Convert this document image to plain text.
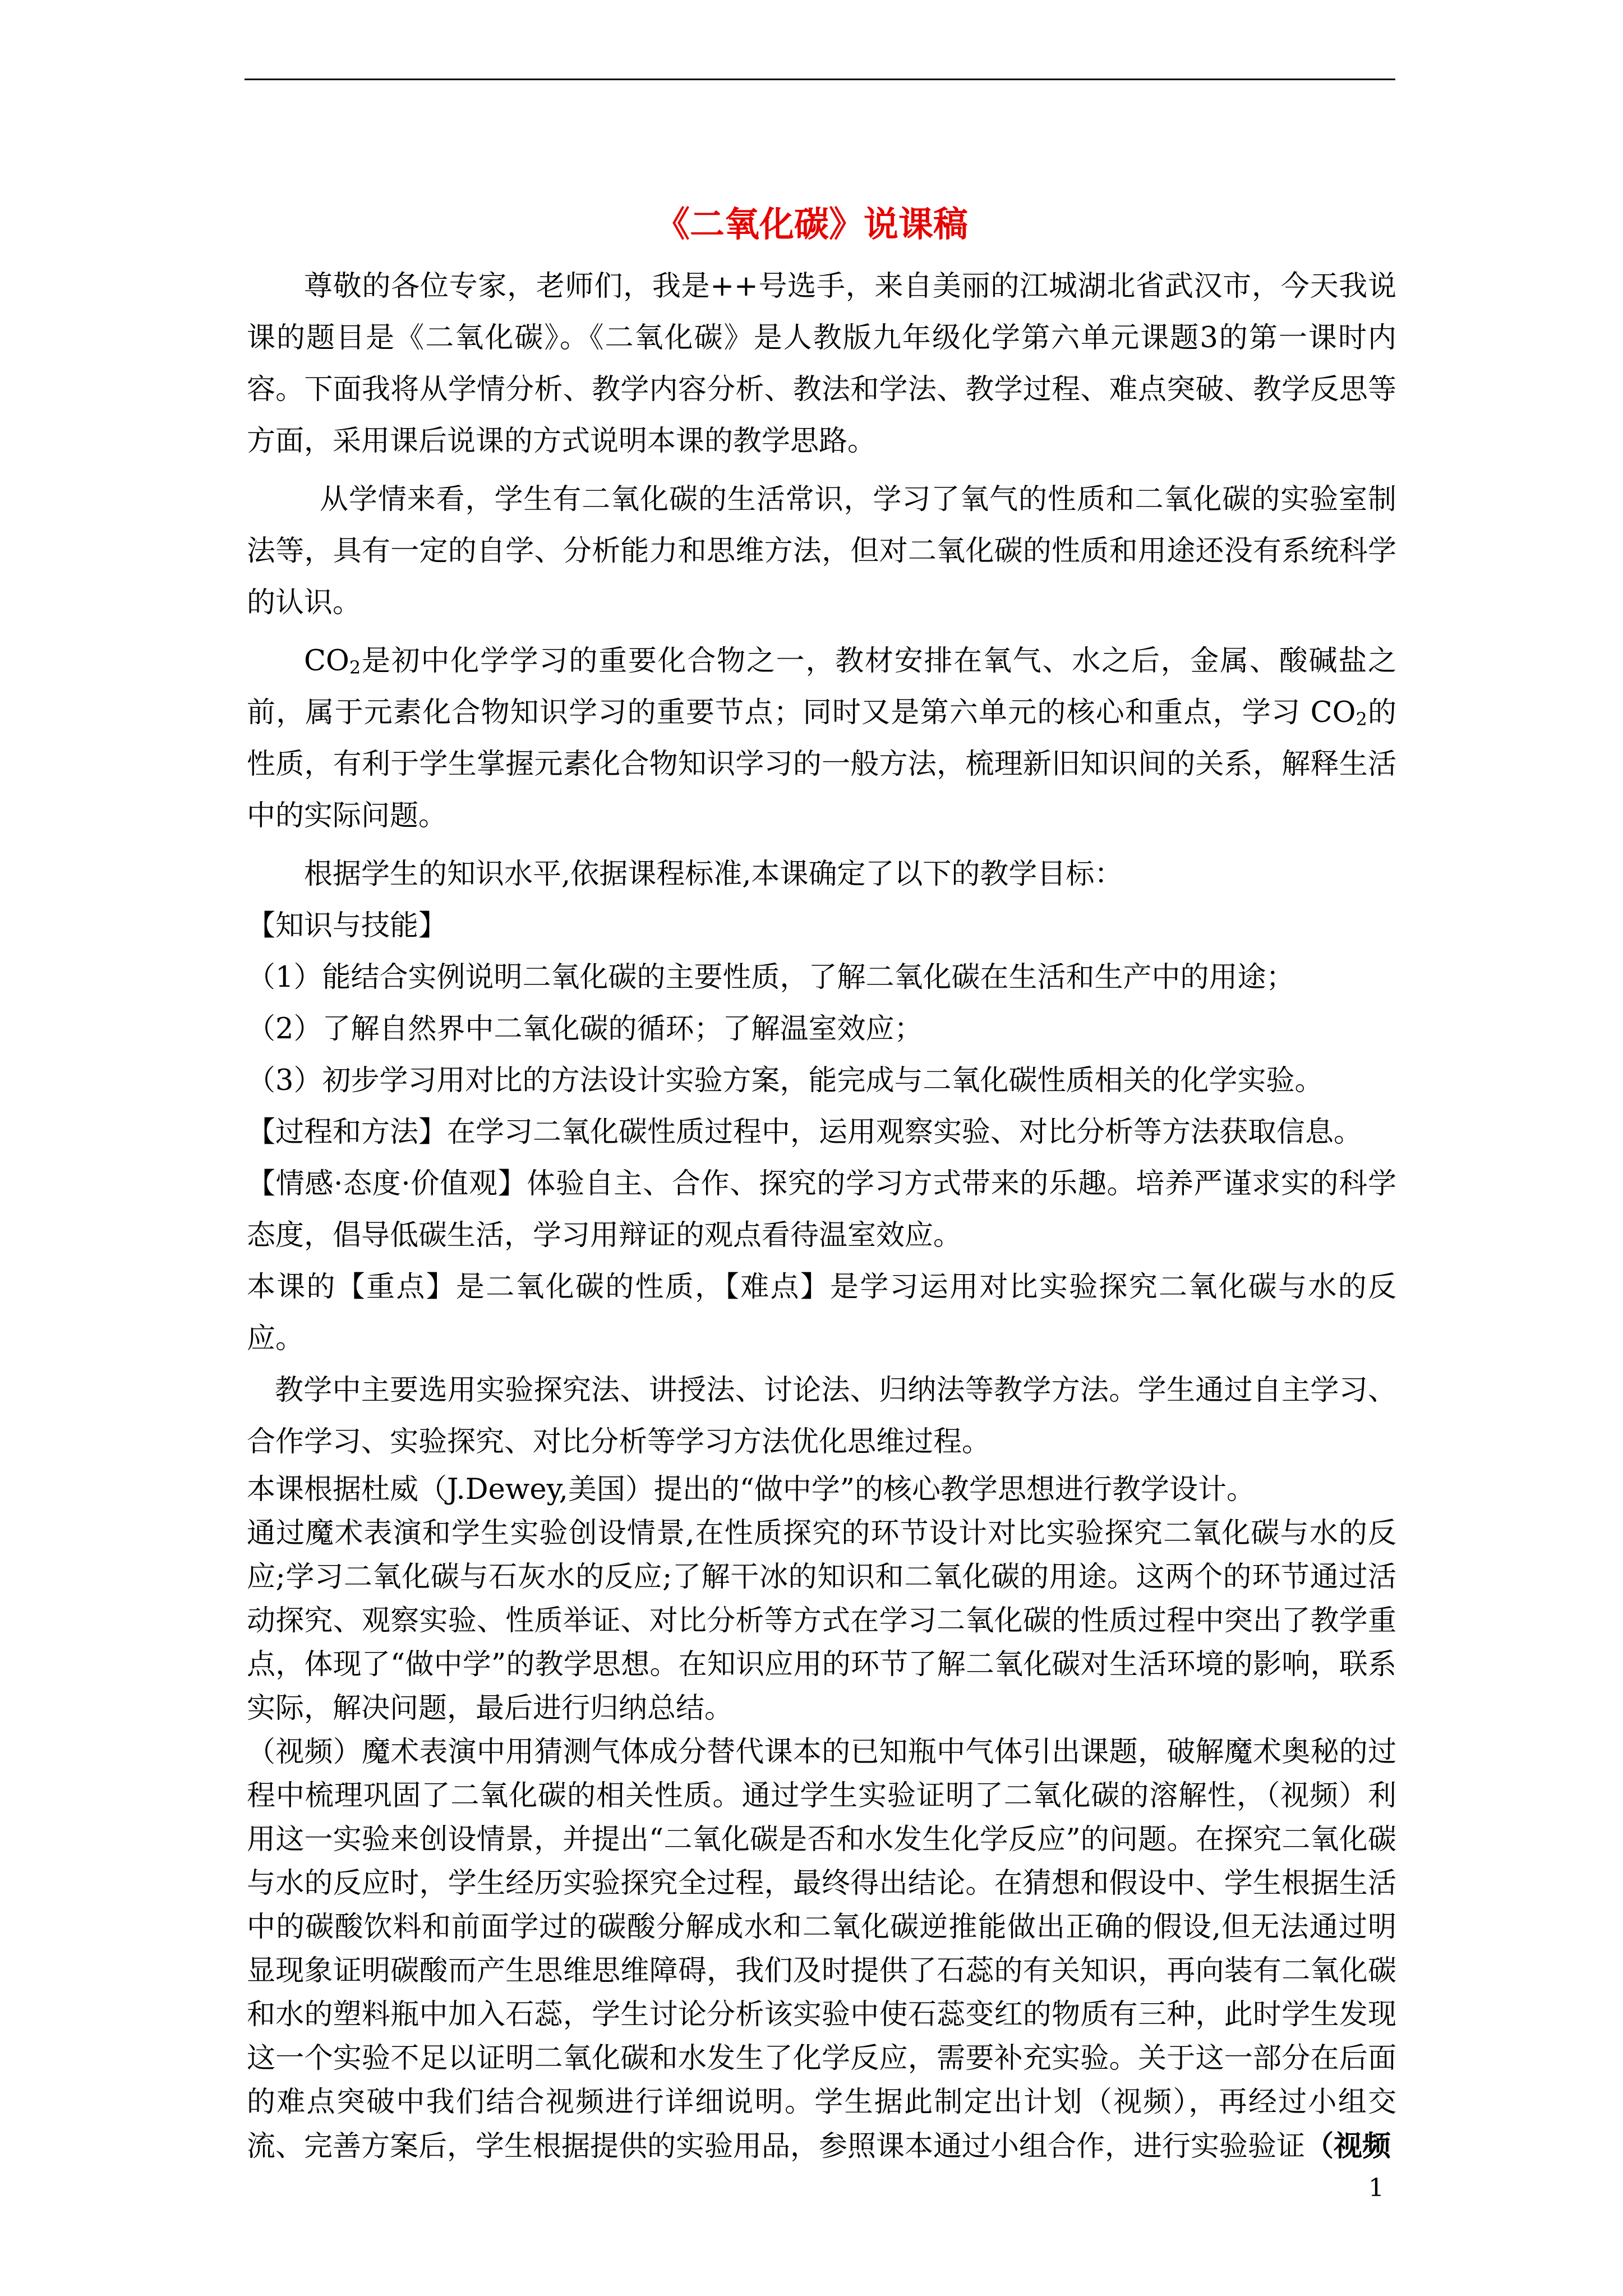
《二氧化碳》说课稿

尊敬的各位专家，老师们，我是++号选手，来自美丽的江城湖北省武汉市，今天我说课的题目是《二氧化碳》。《二氧化碳》是人教版九年级化学第六单元课题3的第一课时内容。下面我将从学情分析、教学内容分析、教法和学法、教学过程、难点突破、教学反思等方面，采用课后说课的方式说明本课的教学思路。

从学情来看，学生有二氧化碳的生活常识，学习了氧气的性质和二氧化碳的实验室制法等，具有一定的自学、分析能力和思维方法，但对二氧化碳的性质和用途还没有系统科学的认识。

$CO_2$是初中化学学习的重要化合物之一，教材安排在氧气、水之后，金属、酸碱盐之前，属于元素化合物知识学习的重要节点；同时又是第六单元的核心和重点，学习 $CO_2$的性质，有利于学生掌握元素化合物知识学习的一般方法，梳理新旧知识间的关系，解释生活中的实际问题。

根据学生的知识水平,依据课程标准,本课确定了以下的教学目标：

【知识与技能】

（1）能结合实例说明二氧化碳的主要性质，了解二氧化碳在生活和生产中的用途；

（2）了解自然界中二氧化碳的循环；了解温室效应；

（3）初步学习用对比的方法设计实验方案，能完成与二氧化碳性质相关的化学实验。

【过程和方法】在学习二氧化碳性质过程中，运用观察实验、对比分析等方法获取信息。

【情感·态度·价值观】体验自主、合作、探究的学习方式带来的乐趣。培养严谨求实的科学态度，倡导低碳生活，学习用辩证的观点看待温室效应。

本课的【重点】是二氧化碳的性质，【难点】是学习运用对比实验探究二氧化碳与水的反应。

教学中主要选用实验探究法、讲授法、讨论法、归纳法等教学方法。学生通过自主学习、合作学习、实验探究、对比分析等学习方法优化思维过程。

本课根据杜威（J.Dewey,美国）提出的“做中学”的核心教学思想进行教学设计。

通过魔术表演和学生实验创设情景,在性质探究的环节设计对比实验探究二氧化碳与水的反应;学习二氧化碳与石灰水的反应;了解干冰的知识和二氧化碳的用途。这两个的环节通过活动探究、观察实验、性质举证、对比分析等方式在学习二氧化碳的性质过程中突出了教学重点，体现了“做中学”的教学思想。在知识应用的环节了解二氧化碳对生活环境的影响，联系实际，解决问题，最后进行归纳总结。

（视频）魔术表演中用猜测气体成分替代课本的已知瓶中气体引出课题，破解魔术奥秘的过程中梳理巩固了二氧化碳的相关性质。通过学生实验证明了二氧化碳的溶解性，（视频）利用这一实验来创设情景，并提出“二氧化碳是否和水发生化学反应”的问题。在探究二氧化碳与水的反应时，学生经历实验探究全过程，最终得出结论。在猜想和假设中、学生根据生活中的碳酸饮料和前面学过的碳酸分解成水和二氧化碳逆推能做出正确的假设,但无法通过明显现象证明碳酸而产生思维思维障碍，我们及时提供了石蕊的有关知识，再向装有二氧化碳和水的塑料瓶中加入石蕊，学生讨论分析该实验中使石蕊变红的物质有三种，此时学生发现这一个实验不足以证明二氧化碳和水发生了化学反应，需要补充实验。关于这一部分在后面的难点突破中我们结合视频进行详细说明。学生据此制定出计划（视频），再经过小组交流、完善方案后，学生根据提供的实验用品，参照课本通过小组合作，进行实验验证（视频

1
